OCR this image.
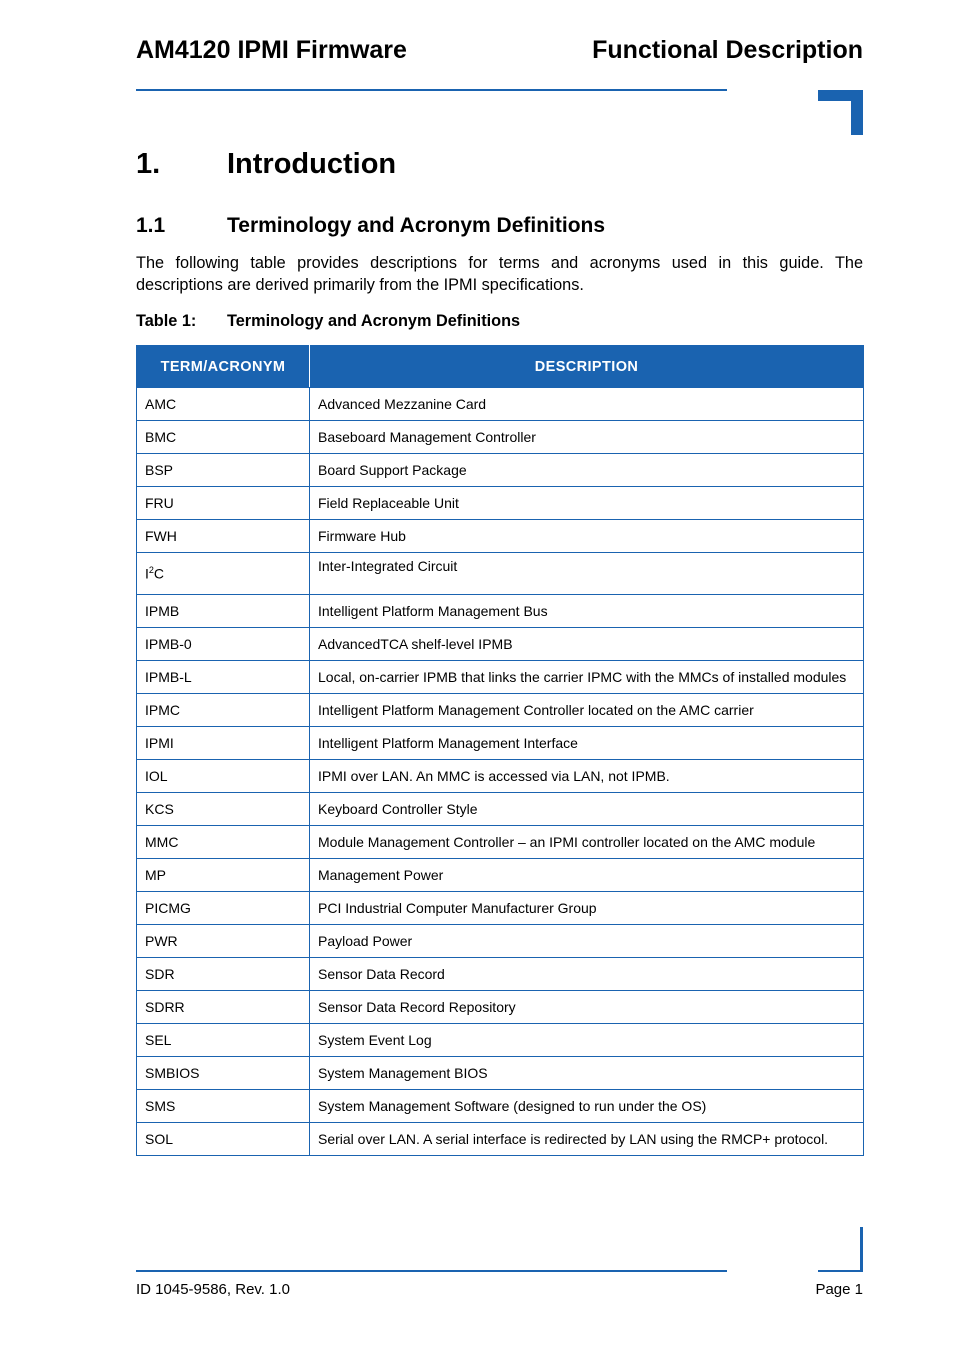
AM4120 IPMI Firmware	Functional Description
1. Introduction
1.1	Terminology and Acronym Definitions

The following table provides descriptions for terms and acronyms used in this guide. The descriptions are derived primarily from the IPMI specifications.

Table 1: Terminology and Acronym Definitions

TERM/ACRONYM	DESCRIPTION
AMC	Advanced Mezzanine Card
BMC	Baseboard Management Controller
BSP	Board Support Package
FRU	Field Replaceable Unit
FWH	Firmware Hub
$I^2C$	Inter-Integrated Circuit
IPMB	Intelligent Platform Management Bus
IPMB-0	AdvancedTCA shelf-level IPMB
IPMB-L	Local, on-carrier IPMB that links the carrier IPMC with the MMCs of installed modules
IPMC	Intelligent Platform Management Controller located on the AMC carrier
IPMI	Intelligent Platform Management Interface
IOL	IPMI over LAN. An MMC is accessed via LAN, not IPMB.
KCS	Keyboard Controller Style
MMC	Module Management Controller – an IPMI controller located on the AMC module
MP	Management Power
PICMG	PCI Industrial Computer Manufacturer Group
PWR	Payload Power
SDR	Sensor Data Record
SDRR	Sensor Data Record Repository
SEL	System Event Log
SMBIOS	System Management BIOS
SMS	System Management Software (designed to run under the OS)
SOL	Serial over LAN. A serial interface is redirected by LAN using the RMCP+ protocol.

ID 1045-9586, Rev. 1.0	Page 1
